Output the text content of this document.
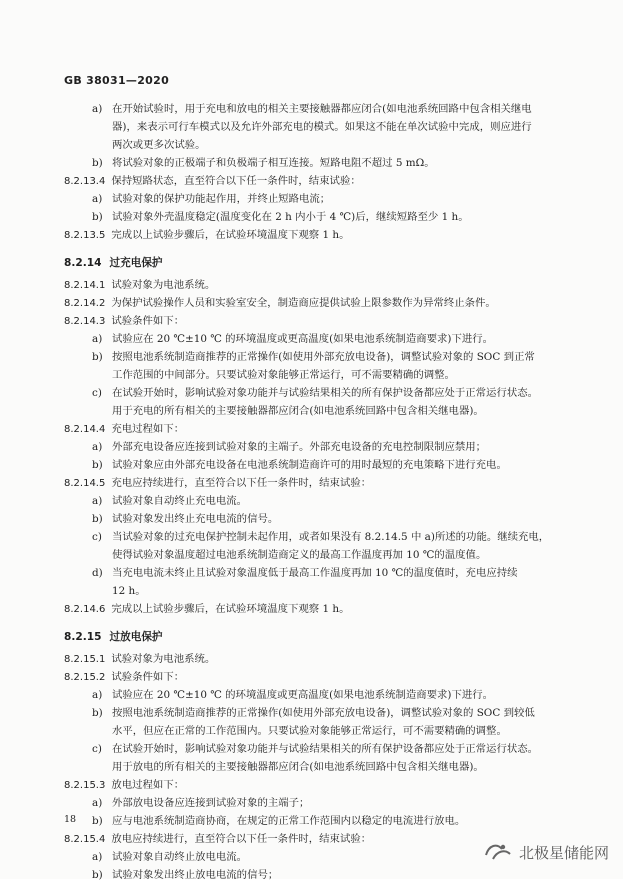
GB 38031—2020
a) 在开始试验时，用于充电和放电的相关主要接触器都应闭合(如电池系统回路中包含相关继电
器)，来表示可行车模式以及允许外部充电的模式。如果这不能在单次试验中完成，则应进行
两次或更多次试验。
b) 将试验对象的正极端子和负极端子相互连接。短路电阻不超过 5 mΩ。
8.2.13.4 保持短路状态，直至符合以下任一条件时，结束试验：
a) 试验对象的保护功能起作用，并终止短路电流；
b) 试验对象外壳温度稳定(温度变化在 2 h 内小于 4 ℃)后，继续短路至少 1 h。
8.2.13.5 完成以上试验步骤后，在试验环境温度下观察 1 h。
8.2.14 过充电保护
8.2.14.1 试验对象为电池系统。
8.2.14.2 为保护试验操作人员和实验室安全，制造商应提供试验上限参数作为异常终止条件。
8.2.14.3 试验条件如下：
a) 试验应在 20 ℃±10 ℃ 的环境温度或更高温度(如果电池系统制造商要求)下进行。
b) 按照电池系统制造商推荐的正常操作(如使用外部充放电设备)，调整试验对象的 SOC 到正常
工作范围的中间部分。只要试验对象能够正常运行，可不需要精确的调整。
c) 在试验开始时，影响试验对象功能并与试验结果相关的所有保护设备都应处于正常运行状态。
用于充电的所有相关的主要接触器都应闭合(如电池系统回路中包含相关继电器)。
8.2.14.4 充电过程如下：
a) 外部充电设备应连接到试验对象的主端子。外部充电设备的充电控制限制应禁用；
b) 试验对象应由外部充电设备在电池系统制造商许可的用时最短的充电策略下进行充电。
8.2.14.5 充电应持续进行，直至符合以下任一条件时，结束试验：
a) 试验对象自动终止充电电流。
b) 试验对象发出终止充电电流的信号。
c) 当试验对象的过充电保护控制未起作用，或者如果没有 8.2.14.5 中 a)所述的功能。继续充电，
使得试验对象温度超过电池系统制造商定义的最高工作温度再加 10 ℃的温度值。
d) 当充电电流未终止且试验对象温度低于最高工作温度再加 10 ℃的温度值时，充电应持续
12 h。
8.2.14.6 完成以上试验步骤后，在试验环境温度下观察 1 h。
8.2.15 过放电保护
8.2.15.1 试验对象为电池系统。
8.2.15.2 试验条件如下：
a) 试验应在 20 ℃±10 ℃ 的环境温度或更高温度(如果电池系统制造商要求)下进行。
b) 按照电池系统制造商推荐的正常操作(如使用外部充放电设备)，调整试验对象的 SOC 到较低
水平，但应在正常的工作范围内。只要试验对象能够正常运行，可不需要精确的调整。
c) 在试验开始时，影响试验对象功能并与试验结果相关的所有保护设备都应处于正常运行状态。
用于放电的所有相关的主要接触器都应闭合(如电池系统回路中包含相关继电器)。
8.2.15.3 放电过程如下：
a) 外部放电设备应连接到试验对象的主端子；
b) 应与电池系统制造商协商，在规定的正常工作范围内以稳定的电流进行放电。
8.2.15.4 放电应持续进行，直至符合以下任一条件时，结束试验：
a) 试验对象自动终止放电电流。
b) 试验对象发出终止放电电流的信号；
18
北极星储能网
